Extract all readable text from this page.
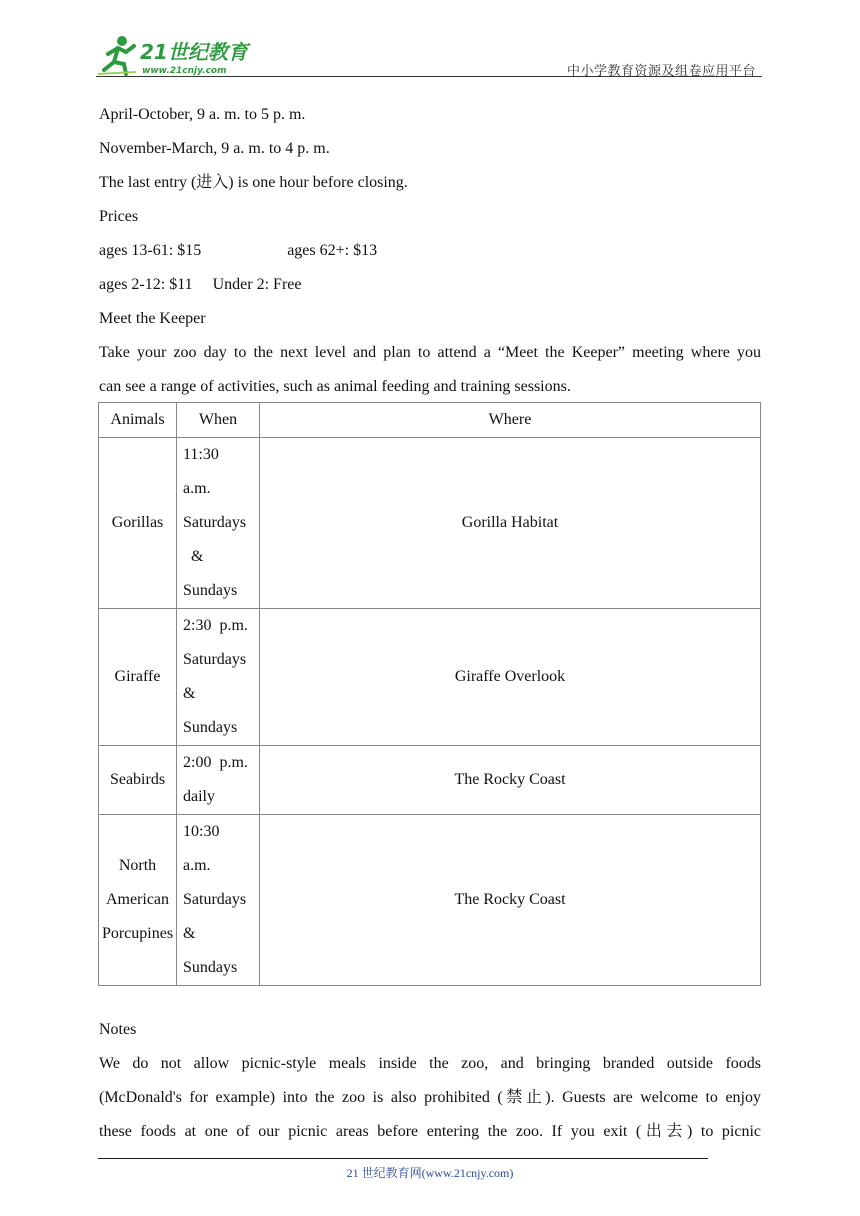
21世纪教育
www.21cnjy.com	中小学教育资源及组卷应用平台
April-October, 9 a. m. to 5 p. m.
November-March, 9 a. m. to 4 p. m.
The last entry (进入) is one hour before closing.
Prices
ages 13-61: $15	ages 62+: $13
ages 2-12: $11 Under 2: Free
Meet the Keeper
Take your zoo day to the next level and plan to attend a “Meet the Keeper” meeting where you
can see a range of activities, such as animal feeding and training sessions.
Animals	When	Where

Gorillas	11:30
a.m.
Saturdays
&
Sundays	Gorilla Habitat

Giraffe	2:30  p.m.
Saturdays
&
Sundays	Giraffe Overlook

Seabirds	2:00  p.m.
daily	The Rocky Coast

North
American
Porcupines	10:30
a.m.
Saturdays
&
Sundays	The Rocky Coast
Notes
We do not allow picnic-style meals inside the zoo, and bringing branded outside foods
(McDonald's for example) into the zoo is also prohibited (禁止). Guests are welcome to enjoy
these foods at one of our picnic areas before entering the zoo. If you exit (出去) to picnic
21 世纪教育网(www.21cnjy.com)
